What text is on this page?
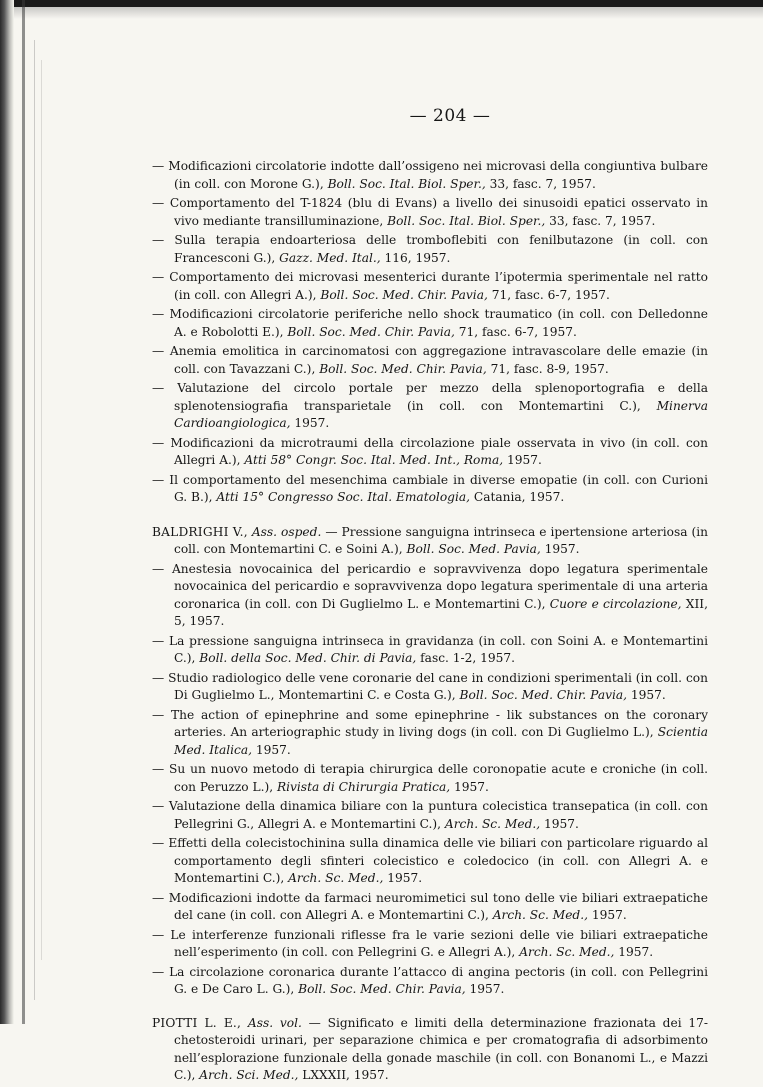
— 204 —

— Modificazioni circolatorie indotte dall’ossigeno nei microvasi della congiuntiva bulbare (in coll. con Morone G.), Boll. Soc. Ital. Biol. Sper., 33, fasc. 7, 1957.

— Comportamento del T-1824 (blu di Evans) a livello dei sinusoidi epatici osservato in vivo mediante transilluminazione, Boll. Soc. Ital. Biol. Sper., 33, fasc. 7, 1957.

— Sulla terapia endoarteriosa delle tromboflebiti con fenilbutazone (in coll. con Francesconi G.), Gazz. Med. Ital., 116, 1957.

— Comportamento dei microvasi mesenterici durante l’ipotermia sperimentale nel ratto (in coll. con Allegri A.), Boll. Soc. Med. Chir. Pavia, 71, fasc. 6-7, 1957.

— Modificazioni circolatorie periferiche nello shock traumatico (in coll. con Delledonne A. e Robolotti E.), Boll. Soc. Med. Chir. Pavia, 71, fasc. 6-7, 1957.

— Anemia emolitica in carcinomatosi con aggregazione intravascolare delle emazie (in coll. con Tavazzani C.), Boll. Soc. Med. Chir. Pavia, 71, fasc. 8-9, 1957.

— Valutazione del circolo portale per mezzo della splenoportografia e della splenotensiografia transparietale (in coll. con Montemartini C.), Minerva Cardioangiologica, 1957.

— Modificazioni da microtraumi della circolazione piale osservata in vivo (in coll. con Allegri A.), Atti 58° Congr. Soc. Ital. Med. Int., Roma, 1957.

— Il comportamento del mesenchima cambiale in diverse emopatie (in coll. con Curioni G. B.), Atti 15° Congresso Soc. Ital. Ematologia, Catania, 1957.

BALDRIGHI V., Ass. osped. — Pressione sanguigna intrinseca e ipertensione arteriosa (in coll. con Montemartini C. e Soini A.), Boll. Soc. Med. Pavia, 1957.

— Anestesia novocainica del pericardio e sopravvivenza dopo legatura sperimentale novocainica del pericardio e sopravvivenza dopo legatura sperimentale di una arteria coronarica (in coll. con Di Guglielmo L. e Montemartini C.), Cuore e circolazione, XII, 5, 1957.

— La pressione sanguigna intrinseca in gravidanza (in coll. con Soini A. e Montemartini C.), Boll. della Soc. Med. Chir. di Pavia, fasc. 1-2, 1957.

— Studio radiologico delle vene coronarie del cane in condizioni sperimentali (in coll. con Di Guglielmo L., Montemartini C. e Costa G.), Boll. Soc. Med. Chir. Pavia, 1957.

— The action of epinephrine and some epinephrine - lik substances on the coronary arteries. An arteriographic study in living dogs (in coll. con Di Guglielmo L.), Scientia Med. Italica, 1957.

— Su un nuovo metodo di terapia chirurgica delle coronopatie acute e croniche (in coll. con Peruzzo L.), Rivista di Chirurgia Pratica, 1957.

— Valutazione della dinamica biliare con la puntura colecistica transepatica (in coll. con Pellegrini G., Allegri A. e Montemartini C.), Arch. Sc. Med., 1957.

— Effetti della colecistochinina sulla dinamica delle vie biliari con particolare riguardo al comportamento degli sfinteri colecistico e coledocico (in coll. con Allegri A. e Montemartini C.), Arch. Sc. Med., 1957.

— Modificazioni indotte da farmaci neuromimetici sul tono delle vie biliari extraepatiche del cane (in coll. con Allegri A. e Montemartini C.), Arch. Sc. Med., 1957.

— Le interferenze funzionali riflesse fra le varie sezioni delle vie biliari extraepatiche nell’esperimento (in coll. con Pellegrini G. e Allegri A.), Arch. Sc. Med., 1957.

— La circolazione coronarica durante l’attacco di angina pectoris (in coll. con Pellegrini G. e De Caro L. G.), Boll. Soc. Med. Chir. Pavia, 1957.

PIOTTI L. E., Ass. vol. — Significato e limiti della determinazione frazionata dei 17-chetosteroidi urinari, per separazione chimica e per cromatografia di adsorbimento nell’esplorazione funzionale della gonade maschile (in coll. con Bonanomi L., e Mazzi C.), Arch. Sci. Med., LXXXII, 1957.
